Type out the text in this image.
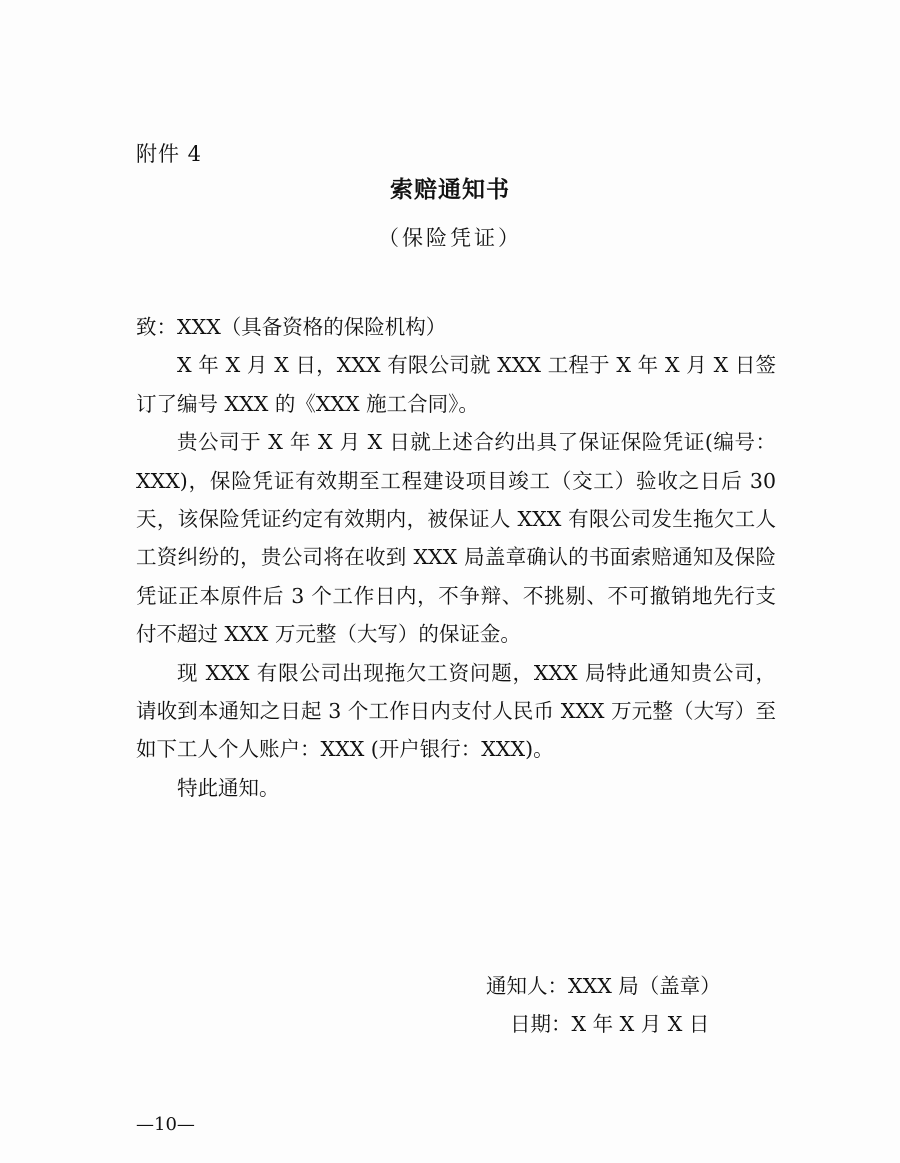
附件 4
索赔通知书
（保险凭证）

致：XXX（具备资格的保险机构）

X 年 X 月 X 日，XXX 有限公司就 XXX 工程于 X 年 X 月 X 日签订了编号 XXX 的《XXX 施工合同》。

贵公司于 X 年 X 月 X 日就上述合约出具了保证保险凭证(编号：XXX)，保险凭证有效期至工程建设项目竣工（交工）验收之日后 30 天，该保险凭证约定有效期内，被保证人 XXX 有限公司发生拖欠工人工资纠纷的，贵公司将在收到 XXX 局盖章确认的书面索赔通知及保险凭证正本原件后 3 个工作日内，不争辩、不挑剔、不可撤销地先行支付不超过 XXX 万元整（大写）的保证金。

现 XXX 有限公司出现拖欠工资问题，XXX 局特此通知贵公司，请收到本通知之日起 3 个工作日内支付人民币 XXX 万元整（大写）至如下工人个人账户：XXX (开户银行：XXX)。

特此通知。

通知人：XXX 局（盖章）
日期：X 年 X 月 X 日
—10—
